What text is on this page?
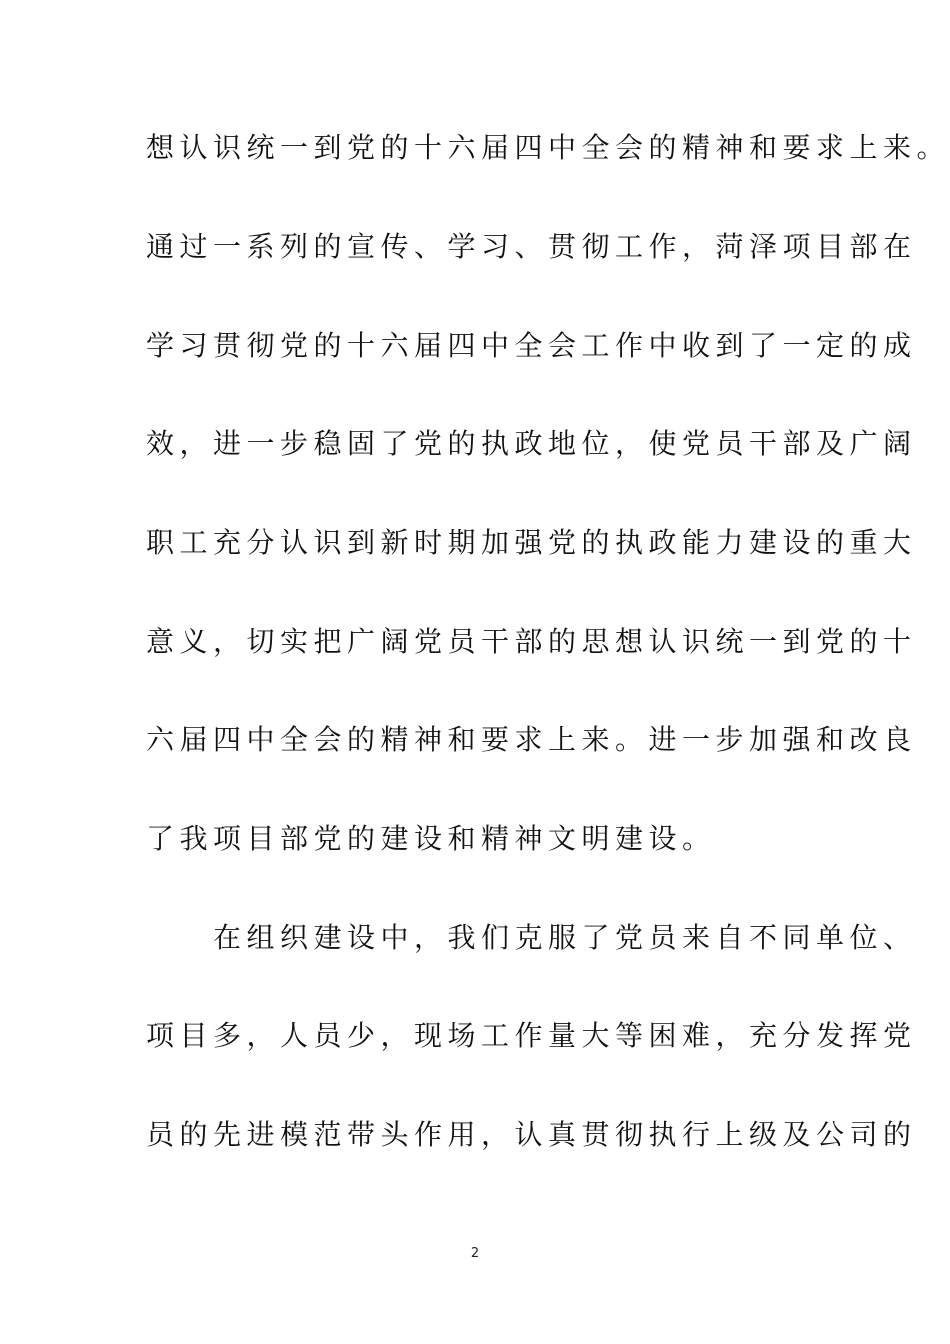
想认识统一到党的十六届四中全会的精神和要求上来。
通过一系列的宣传、学习、贯彻工作，菏泽项目部在
学习贯彻党的十六届四中全会工作中收到了一定的成
效，进一步稳固了党的执政地位，使党员干部及广阔
职工充分认识到新时期加强党的执政能力建设的重大
意义，切实把广阔党员干部的思想认识统一到党的十
六届四中全会的精神和要求上来。进一步加强和改良
了我项目部党的建设和精神文明建设。
　　在组织建设中，我们克服了党员来自不同单位、
项目多，人员少，现场工作量大等困难，充分发挥党
员的先进模范带头作用，认真贯彻执行上级及公司的
2
